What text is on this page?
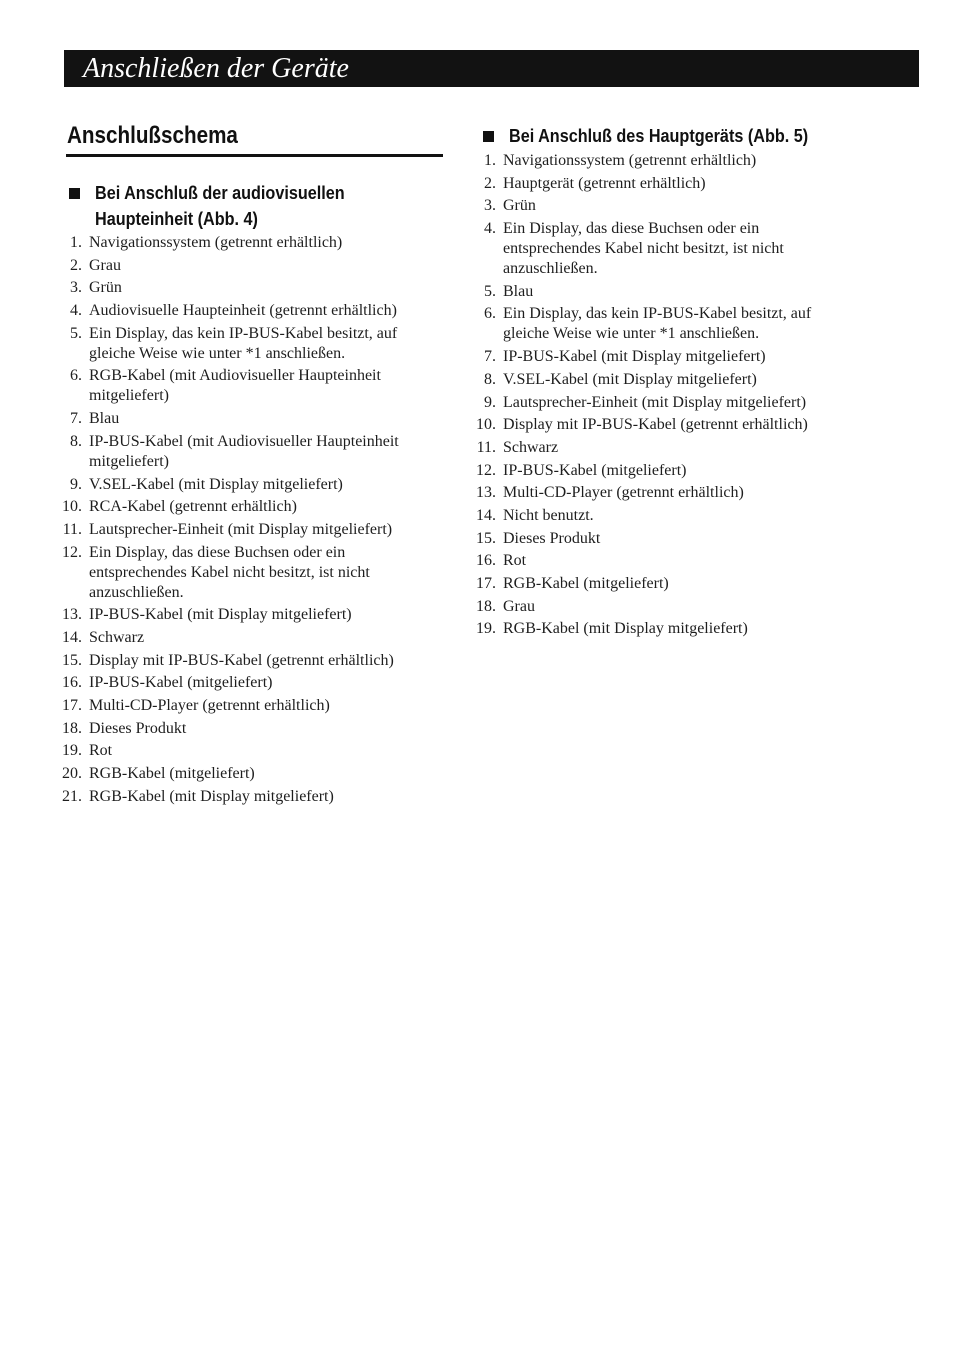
Anschließen der Geräte
Anschlußschema
Bei Anschluß der audiovisuellen
Haupteinheit (Abb. 4)
1. Navigationssystem (getrennt erhältlich)
2. Grau
3. Grün
4. Audiovisuelle Haupteinheit (getrennt erhältlich)
5. Ein Display, das kein IP-BUS-Kabel besitzt, auf gleiche Weise wie unter *1 anschließen.
6. RGB-Kabel (mit Audiovisueller Haupteinheit mitgeliefert)
7. Blau
8. IP-BUS-Kabel (mit Audiovisueller Haupteinheit mitgeliefert)
9. V.SEL-Kabel (mit Display mitgeliefert)
10. RCA-Kabel (getrennt erhältlich)
11. Lautsprecher-Einheit (mit Display mitgeliefert)
12. Ein Display, das diese Buchsen oder ein entsprechendes Kabel nicht besitzt, ist nicht anzuschließen.
13. IP-BUS-Kabel (mit Display mitgeliefert)
14. Schwarz
15. Display mit IP-BUS-Kabel (getrennt erhältlich)
16. IP-BUS-Kabel (mitgeliefert)
17. Multi-CD-Player (getrennt erhältlich)
18. Dieses Produkt
19. Rot
20. RGB-Kabel (mitgeliefert)
21. RGB-Kabel (mit Display mitgeliefert)
Bei Anschluß des Hauptgeräts (Abb. 5)
1. Navigationssystem (getrennt erhältlich)
2. Hauptgerät (getrennt erhältlich)
3. Grün
4. Ein Display, das diese Buchsen oder ein entsprechendes Kabel nicht besitzt, ist nicht anzuschließen.
5. Blau
6. Ein Display, das kein IP-BUS-Kabel besitzt, auf gleiche Weise wie unter *1 anschließen.
7. IP-BUS-Kabel (mit Display mitgeliefert)
8. V.SEL-Kabel (mit Display mitgeliefert)
9. Lautsprecher-Einheit (mit Display mitgeliefert)
10. Display mit IP-BUS-Kabel (getrennt erhältlich)
11. Schwarz
12. IP-BUS-Kabel (mitgeliefert)
13. Multi-CD-Player (getrennt erhältlich)
14. Nicht benutzt.
15. Dieses Produkt
16. Rot
17. RGB-Kabel (mitgeliefert)
18. Grau
19. RGB-Kabel (mit Display mitgeliefert)
